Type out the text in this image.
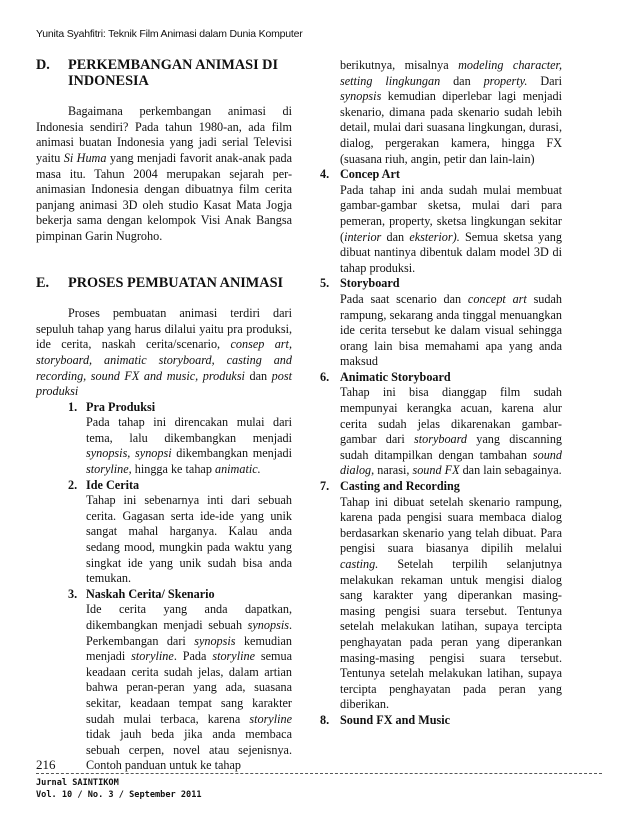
Yunita Syahfitri: Teknik Film Animasi dalam Dunia Komputer
D. PERKEMBANGAN ANIMASI DI INDONESIA

Bagaimana perkembangan animasi di Indonesia sendiri? Pada tahun 1980-an, ada film animasi buatan Indonesia yang jadi serial Televisi yaitu Si Huma yang menjadi favorit anak-anak pada masa itu. Tahun 2004 merupakan sejarah per-animasian Indonesia dengan dibuatnya film cerita panjang animasi 3D oleh studio Kasat Mata Jogja bekerja sama dengan kelompok Visi Anak Bangsa pimpinan Garin Nugroho.

E. PROSES PEMBUATAN ANIMASI

Proses pembuatan animasi terdiri dari sepuluh tahap yang harus dilalui yaitu pra produksi, ide cerita, naskah cerita/scenario, consep art, storyboard, animatic storyboard, casting and recording, sound FX and music, produksi dan post produksi

1. Pra Produksi

Pada tahap ini direncakan mulai dari tema, lalu dikembangkan menjadi synopsis, synopsi dikembangkan menjadi storyline, hingga ke tahap animatic.

2. Ide Cerita

Tahap ini sebenarnya inti dari sebuah cerita. Gagasan serta ide-ide yang unik sangat mahal harganya. Kalau anda sedang mood, mungkin pada waktu yang singkat ide yang unik sudah bisa anda temukan.

3. Naskah Cerita/ Skenario

Ide cerita yang anda dapatkan, dikembangkan menjadi sebuah synopsis. Perkembangan dari synopsis kemudian menjadi storyline. Pada storyline semua keadaan cerita sudah jelas, dalam artian bahwa peran-peran yang ada, suasana sekitar, keadaan tempat sang karakter sudah mulai terbaca, karena storyline tidak jauh beda jika anda membaca sebuah cerpen, novel atau sejenisnya. Contoh panduan untuk ke tahap

berikutnya, misalnya modeling character, setting lingkungan dan property. Dari synopsis kemudian diperlebar lagi menjadi skenario, dimana pada skenario sudah lebih detail, mulai dari suasana lingkungan, durasi, dialog, pergerakan kamera, hingga FX (suasana riuh, angin, petir dan lain-lain)

4. Concep Art

Pada tahap ini anda sudah mulai membuat gambar-gambar sketsa, mulai dari para pemeran, property, sketsa lingkungan sekitar (interior dan eksterior). Semua sketsa yang dibuat nantinya dibentuk dalam model 3D di tahap produksi.

5. Storyboard

Pada saat scenario dan concept art sudah rampung, sekarang anda tinggal menuangkan ide cerita tersebut ke dalam visual sehingga orang lain bisa memahami apa yang anda maksud

6. Animatic Storyboard

Tahap ini bisa dianggap film sudah mempunyai kerangka acuan, karena alur cerita sudah jelas dikarenakan gambar-gambar dari storyboard yang discanning sudah ditampilkan dengan tambahan sound dialog, narasi, sound FX dan lain sebagainya.

7. Casting and Recording

Tahap ini dibuat setelah skenario rampung, karena pada pengisi suara membaca dialog berdasarkan skenario yang telah dibuat. Para pengisi suara biasanya dipilih melalui casting. Setelah terpilih selanjutnya melakukan rekaman untuk mengisi dialog sang karakter yang diperankan masing-masing pengisi suara tersebut. Tentunya setelah melakukan latihan, supaya tercipta penghayatan pada peran yang diperankan masing-masing pengisi suara tersebut. Tentunya setelah melakukan latihan, supaya tercipta penghayatan pada peran yang diberikan.

8. Sound FX and Music
216
Jurnal SAINTIKOM
Vol. 10 / No. 3 / September 2011
